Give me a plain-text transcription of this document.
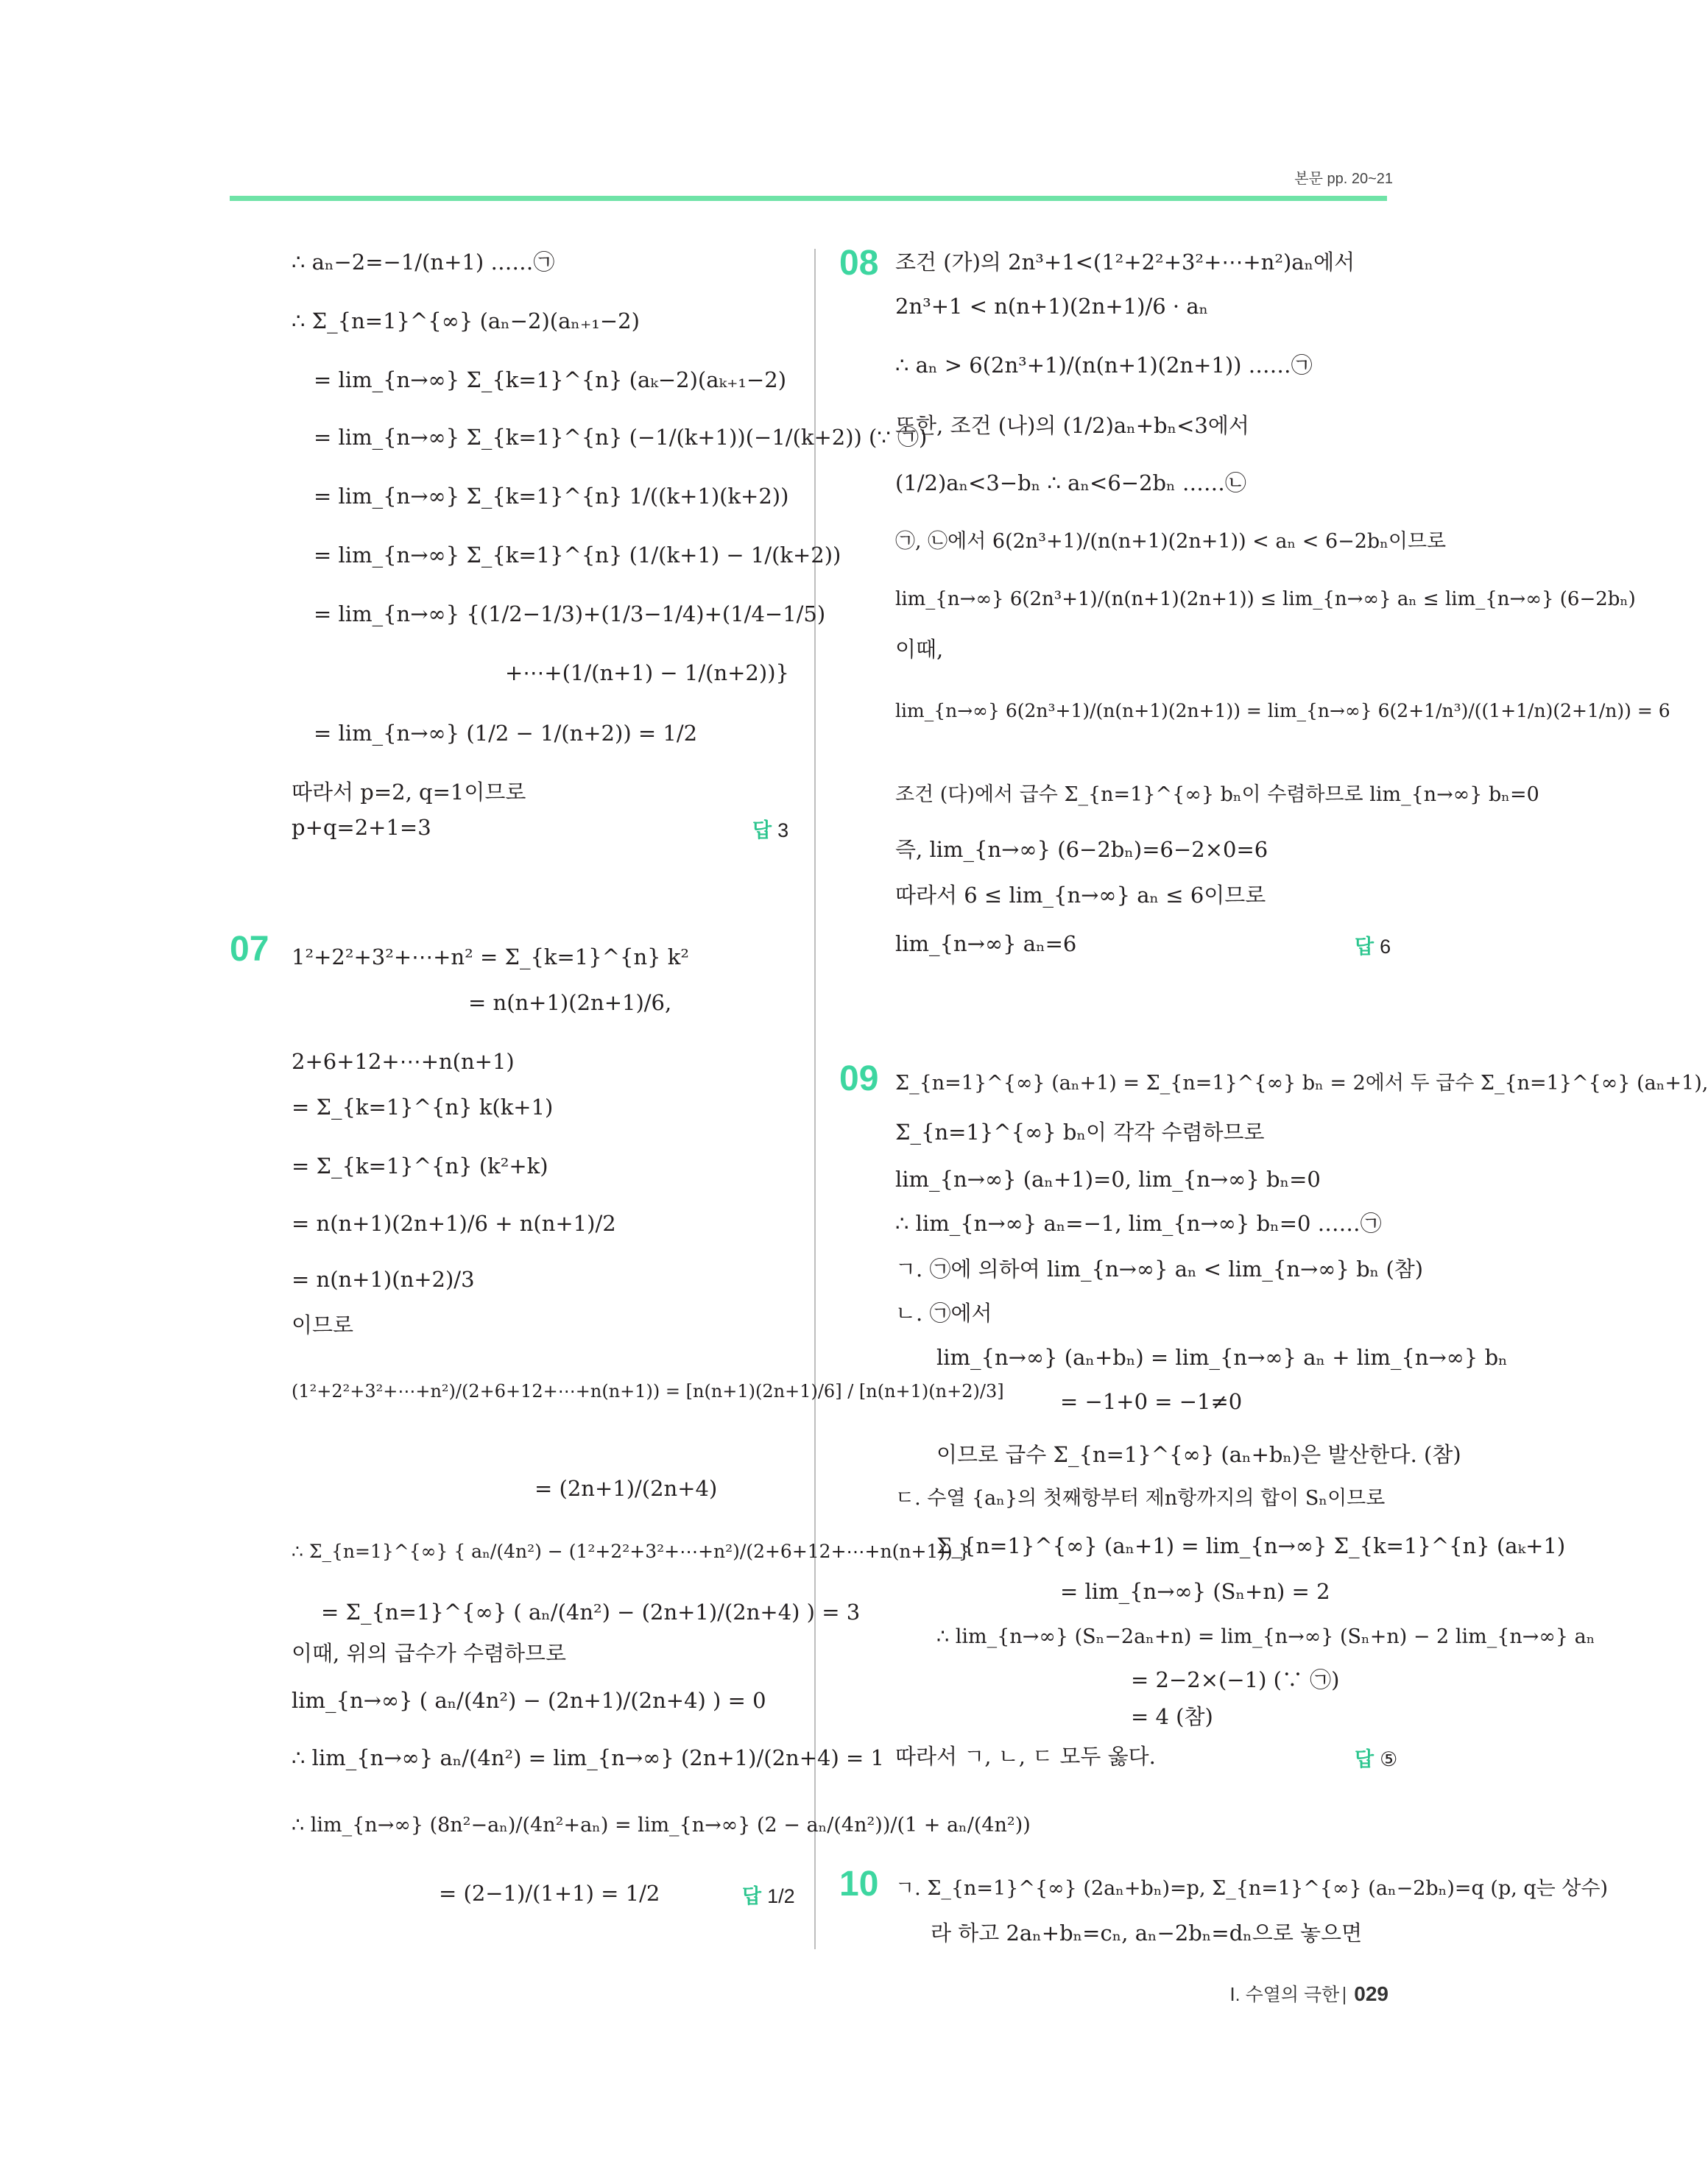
본문 pp. 20~21
∴ aₙ−2=−1/(n+1) ……㉠
∴ Σ_{n=1}^{∞} (aₙ−2)(aₙ₊₁−2)
= lim_{n→∞} Σ_{k=1}^{n} (aₖ−2)(aₖ₊₁−2)
= lim_{n→∞} Σ_{k=1}^{n} (−1/(k+1))(−1/(k+2)) (∵ ㉠)
= lim_{n→∞} Σ_{k=1}^{n} 1/((k+1)(k+2))
= lim_{n→∞} Σ_{k=1}^{n} (1/(k+1) − 1/(k+2))
= lim_{n→∞} {(1/2−1/3)+(1/3−1/4)+(1/4−1/5)
+⋯+(1/(n+1) − 1/(n+2))}
= lim_{n→∞} (1/2 − 1/(n+2)) = 1/2
따라서 p=2, q=1이므로
p+q=2+1=3	답 3
07 1²+2²+3²+⋯+n² = Σ_{k=1}^{n} k²
= n(n+1)(2n+1)/6,
2+6+12+⋯+n(n+1)
= Σ_{k=1}^{n} k(k+1)
= Σ_{k=1}^{n} (k²+k)
= n(n+1)(2n+1)/6 + n(n+1)/2
= n(n+1)(n+2)/3
이므로
(1²+2²+3²+⋯+n²)/(2+6+12+⋯+n(n+1)) = [n(n+1)(2n+1)/6] / [n(n+1)(n+2)/3]
= (2n+1)/(2n+4)
∴ Σ_{n=1}^{∞} { aₙ/(4n²) − (1²+2²+3²+⋯+n²)/(2+6+12+⋯+n(n+1)) }
= Σ_{n=1}^{∞} ( aₙ/(4n²) − (2n+1)/(2n+4) ) = 3
이때, 위의 급수가 수렴하므로
lim_{n→∞} ( aₙ/(4n²) − (2n+1)/(2n+4) ) = 0
∴ lim_{n→∞} aₙ/(4n²) = lim_{n→∞} (2n+1)/(2n+4) = 1
∴ lim_{n→∞} (8n²−aₙ)/(4n²+aₙ) = lim_{n→∞} (2 − aₙ/(4n²))/(1 + aₙ/(4n²))
= (2−1)/(1+1) = 1/2	답 1/2
08 조건 (가)의 2n³+1<(1²+2²+3²+⋯+n²)aₙ에서
2n³+1 < n(n+1)(2n+1)/6 · aₙ
∴ aₙ > 6(2n³+1)/(n(n+1)(2n+1)) ……㉠
또한, 조건 (나)의 (1/2)aₙ+bₙ<3에서
(1/2)aₙ<3−bₙ ∴ aₙ<6−2bₙ ……㉡
㉠, ㉡에서 6(2n³+1)/(n(n+1)(2n+1)) < aₙ < 6−2bₙ이므로
lim_{n→∞} 6(2n³+1)/(n(n+1)(2n+1)) ≤ lim_{n→∞} aₙ ≤ lim_{n→∞} (6−2bₙ)
이때,
lim_{n→∞} 6(2n³+1)/(n(n+1)(2n+1)) = lim_{n→∞} 6(2+1/n³)/((1+1/n)(2+1/n)) = 6
조건 (다)에서 급수 Σ_{n=1}^{∞} bₙ이 수렴하므로 lim_{n→∞} bₙ=0
즉, lim_{n→∞} (6−2bₙ)=6−2×0=6
따라서 6 ≤ lim_{n→∞} aₙ ≤ 6이므로
lim_{n→∞} aₙ=6	답 6
09 Σ_{n=1}^{∞} (aₙ+1) = Σ_{n=1}^{∞} bₙ = 2에서 두 급수 Σ_{n=1}^{∞} (aₙ+1),
Σ_{n=1}^{∞} bₙ이 각각 수렴하므로
lim_{n→∞} (aₙ+1)=0, lim_{n→∞} bₙ=0
∴ lim_{n→∞} aₙ=−1, lim_{n→∞} bₙ=0 ……㉠
ㄱ. ㉠에 의하여 lim_{n→∞} aₙ < lim_{n→∞} bₙ (참)
ㄴ. ㉠에서
lim_{n→∞} (aₙ+bₙ) = lim_{n→∞} aₙ + lim_{n→∞} bₙ
= −1+0 = −1≠0
이므로 급수 Σ_{n=1}^{∞} (aₙ+bₙ)은 발산한다. (참)
ㄷ. 수열 {aₙ}의 첫째항부터 제n항까지의 합이 Sₙ이므로
Σ_{n=1}^{∞} (aₙ+1) = lim_{n→∞} Σ_{k=1}^{n} (aₖ+1)
= lim_{n→∞} (Sₙ+n) = 2
∴ lim_{n→∞} (Sₙ−2aₙ+n) = lim_{n→∞} (Sₙ+n) − 2 lim_{n→∞} aₙ
= 2−2×(−1) (∵ ㉠)
= 4 (참)
따라서 ㄱ, ㄴ, ㄷ 모두 옳다.	답 ⑤
10 ㄱ. Σ_{n=1}^{∞} (2aₙ+bₙ)=p, Σ_{n=1}^{∞} (aₙ−2bₙ)=q (p, q는 상수)
라 하고 2aₙ+bₙ=cₙ, aₙ−2bₙ=dₙ으로 놓으면
Ⅰ. 수열의 극한 029
